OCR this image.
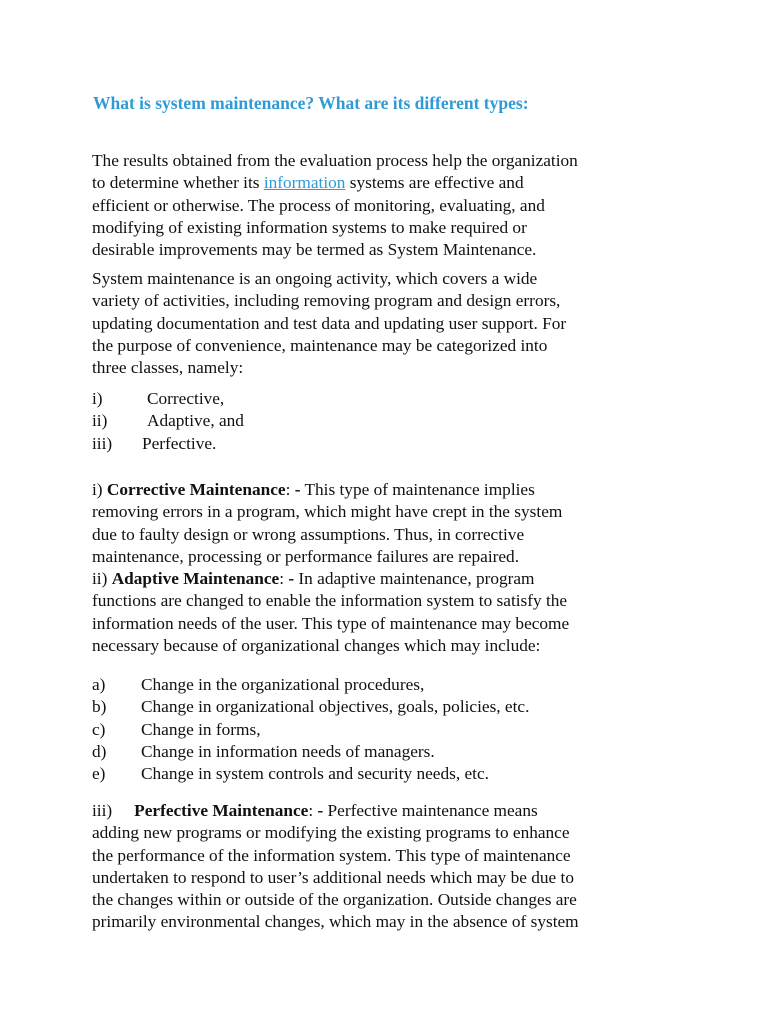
What is system maintenance? What are its different types:
The results obtained from the evaluation process help the organization
to determine whether its information systems are effective and
efficient or otherwise. The process of monitoring, evaluating, and
modifying of existing information systems to make required or
desirable improvements may be termed as System Maintenance.
System maintenance is an ongoing activity, which covers a wide
variety of activities, including removing program and design errors,
updating documentation and test data and updating user support. For
the purpose of convenience, maintenance may be categorized into
three classes, namely:
i)	Corrective,
ii) Adaptive, and
iii) Perfective.
i) Corrective Maintenance: - This type of maintenance implies
removing errors in a program, which might have crept in the system
due to faulty design or wrong assumptions. Thus, in corrective
maintenance, processing or performance failures are repaired.
ii) Adaptive Maintenance: - In adaptive maintenance, program
functions are changed to enable the information system to satisfy the
information needs of the user. This type of maintenance may become
necessary because of organizational changes which may include:
a) Change in the organizational procedures,
b) Change in organizational objectives, goals, policies, etc.
c) Change in forms,
d) Change in information needs of managers.
e) Change in system controls and security needs, etc.
iii) Perfective Maintenance: - Perfective maintenance means
adding new programs or modifying the existing programs to enhance
the performance of the information system. This type of maintenance
undertaken to respond to user’s additional needs which may be due to
the changes within or outside of the organization. Outside changes are
primarily environmental changes, which may in the absence of system
